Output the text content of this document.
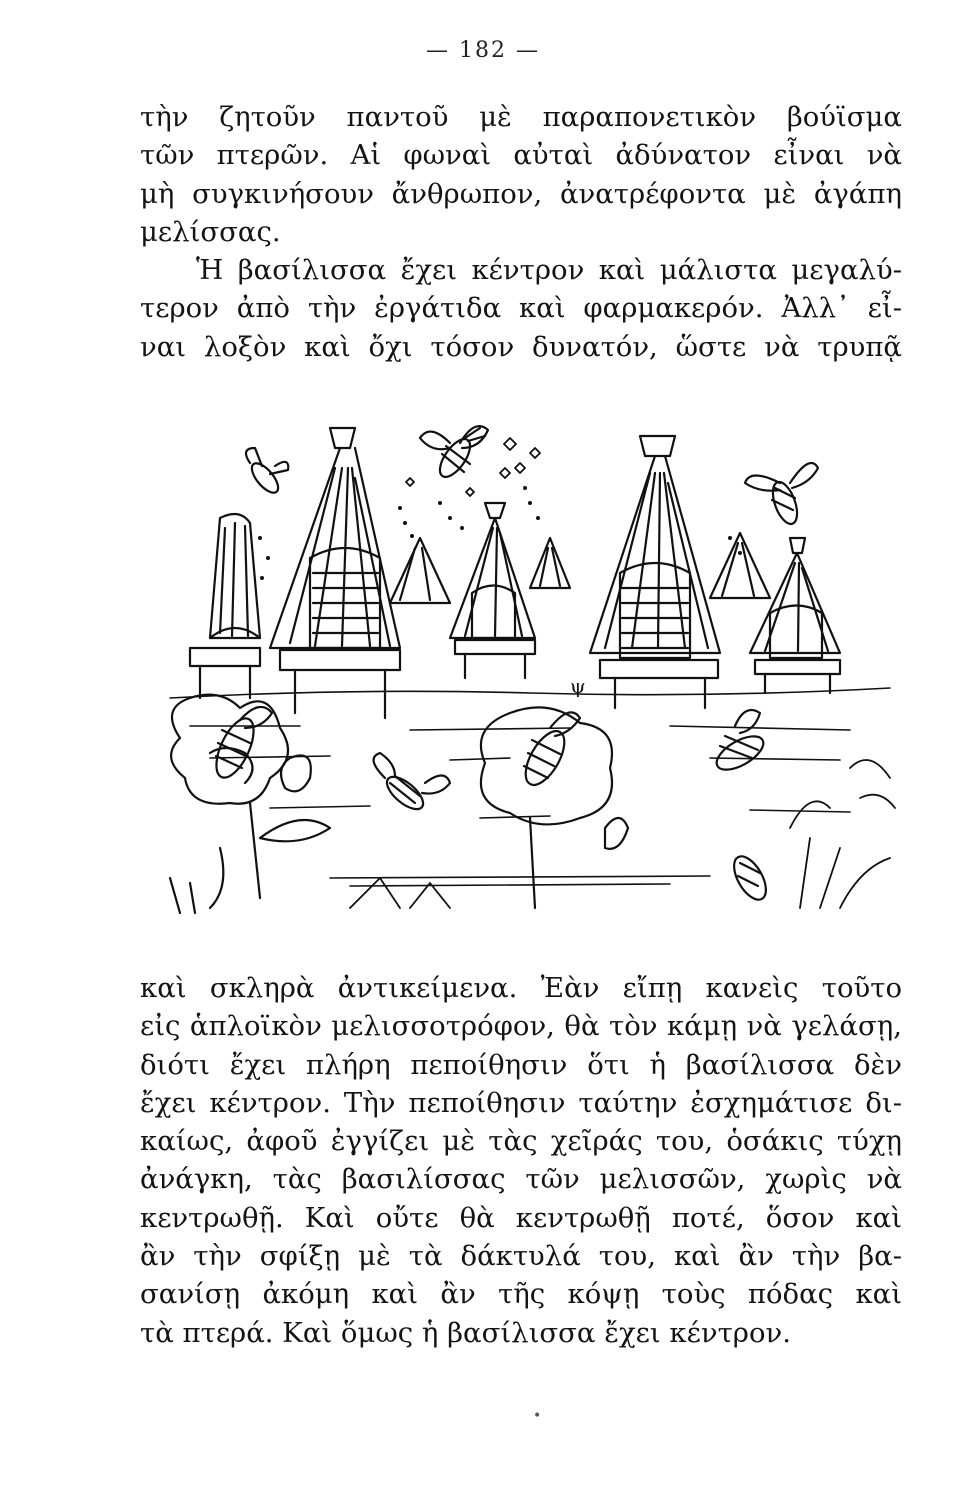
— 182 —
τὴν ζητοῦν παντοῦ μὲ παραπονετικὸν βούϊσμα
τῶν πτερῶν. Αἱ φωναὶ αὐταὶ ἀδύνατον εἶναι νὰ
μὴ συγκινήσουν ἄνθρωπον, ἀνατρέφοντα μὲ ἀγάπη
μελίσσας.
Ἡ βασίλισσα ἔχει κέντρον καὶ μάλιστα μεγαλύ-
τερον ἀπὸ τὴν ἐργάτιδα καὶ φαρμακερόν. Ἀλλ᾽ εἶ-
ναι λοξὸν καὶ ὄχι τόσον δυνατόν, ὥστε νὰ τρυπᾷ
ψ
καὶ σκληρὰ ἀντικείμενα. Ἐὰν εἴπῃ κανεὶς τοῦτο
εἰς ἁπλοϊκὸν μελισσοτρόφον, θὰ τὸν κάμῃ νὰ γελάσῃ,
διότι ἔχει πλήρη πεποίθησιν ὅτι ἡ βασίλισσα δὲν
ἔχει κέντρον. Τὴν πεποίθησιν ταύτην ἐσχημάτισε δι-
καίως, ἀφοῦ ἐγγίζει μὲ τὰς χεῖράς του, ὁσάκις τύχῃ
ἀνάγκη, τὰς βασιλίσσας τῶν μελισσῶν, χωρὶς νὰ
κεντρωθῇ. Καὶ οὔτε θὰ κεντρωθῇ ποτέ, ὅσον καὶ
ἂν τὴν σφίξῃ μὲ τὰ δάκτυλά του, καὶ ἂν τὴν βα-
σανίσῃ ἀκόμη καὶ ἂν τῆς κόψῃ τοὺς πόδας καὶ
τὰ πτερά. Καὶ ὅμως ἡ βασίλισσα ἔχει κέντρον.
•
